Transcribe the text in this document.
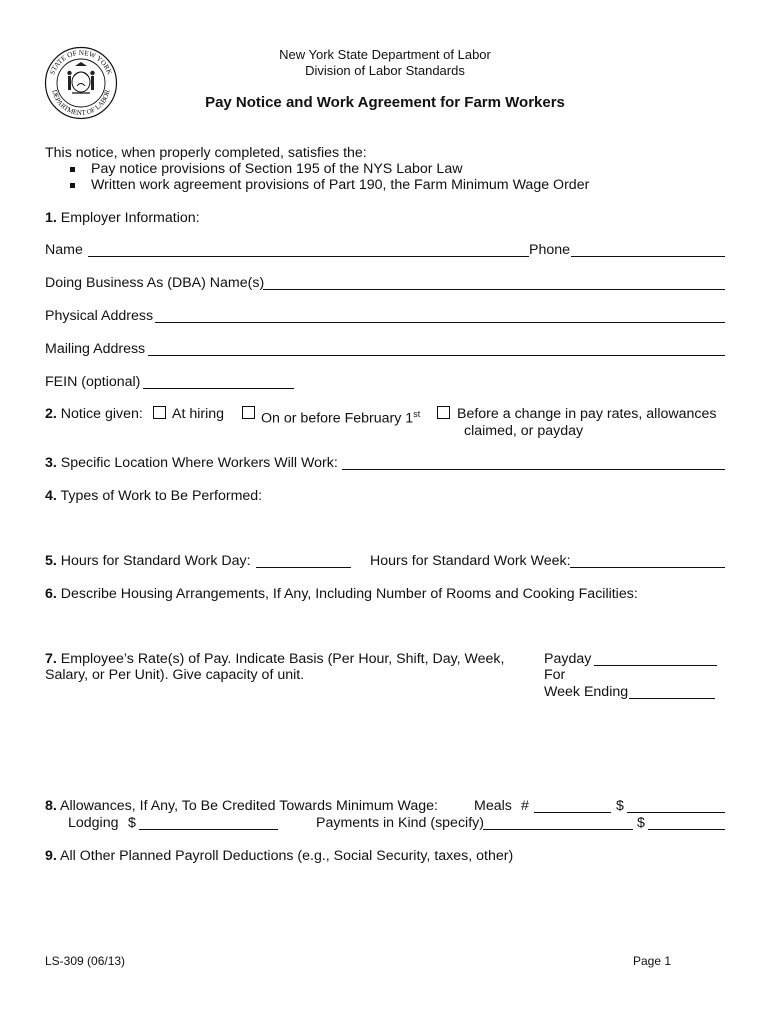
STATE OF NEW YORK
DEPARTMENT OF LABOR
New York State Department of Labor
Division of Labor Standards
Pay Notice and Work Agreement for Farm Workers
This notice, when properly completed, satisfies the:
Pay notice provisions of Section 195 of the NYS Labor Law
Written work agreement provisions of Part 190, the Farm Minimum Wage Order
1. Employer Information:
Name	Phone
Doing Business As (DBA) Name(s)
Physical Address
Mailing Address
FEIN (optional)
2. Notice given: At hiring	On or before February 1st	Before a change in pay rates, allowances
claimed, or payday
3. Specific Location Where Workers Will Work:
4. Types of Work to Be Performed:
5. Hours for Standard Work Day:	Hours for Standard Work Week:
6. Describe Housing Arrangements, If Any, Including Number of Rooms and Cooking Facilities:
7. Employee’s Rate(s) of Pay. Indicate Basis (Per Hour, Shift, Day, Week,
Salary, or Per Unit). Give capacity of unit.
Payday
For
Week Ending
8. Allowances, If Any, To Be Credited Towards Minimum Wage:	Meals #	$
Lodging $	Payments in Kind (specify)	$
9. All Other Planned Payroll Deductions (e.g., Social Security, taxes, other)
LS-309 (06/13)	Page 1
